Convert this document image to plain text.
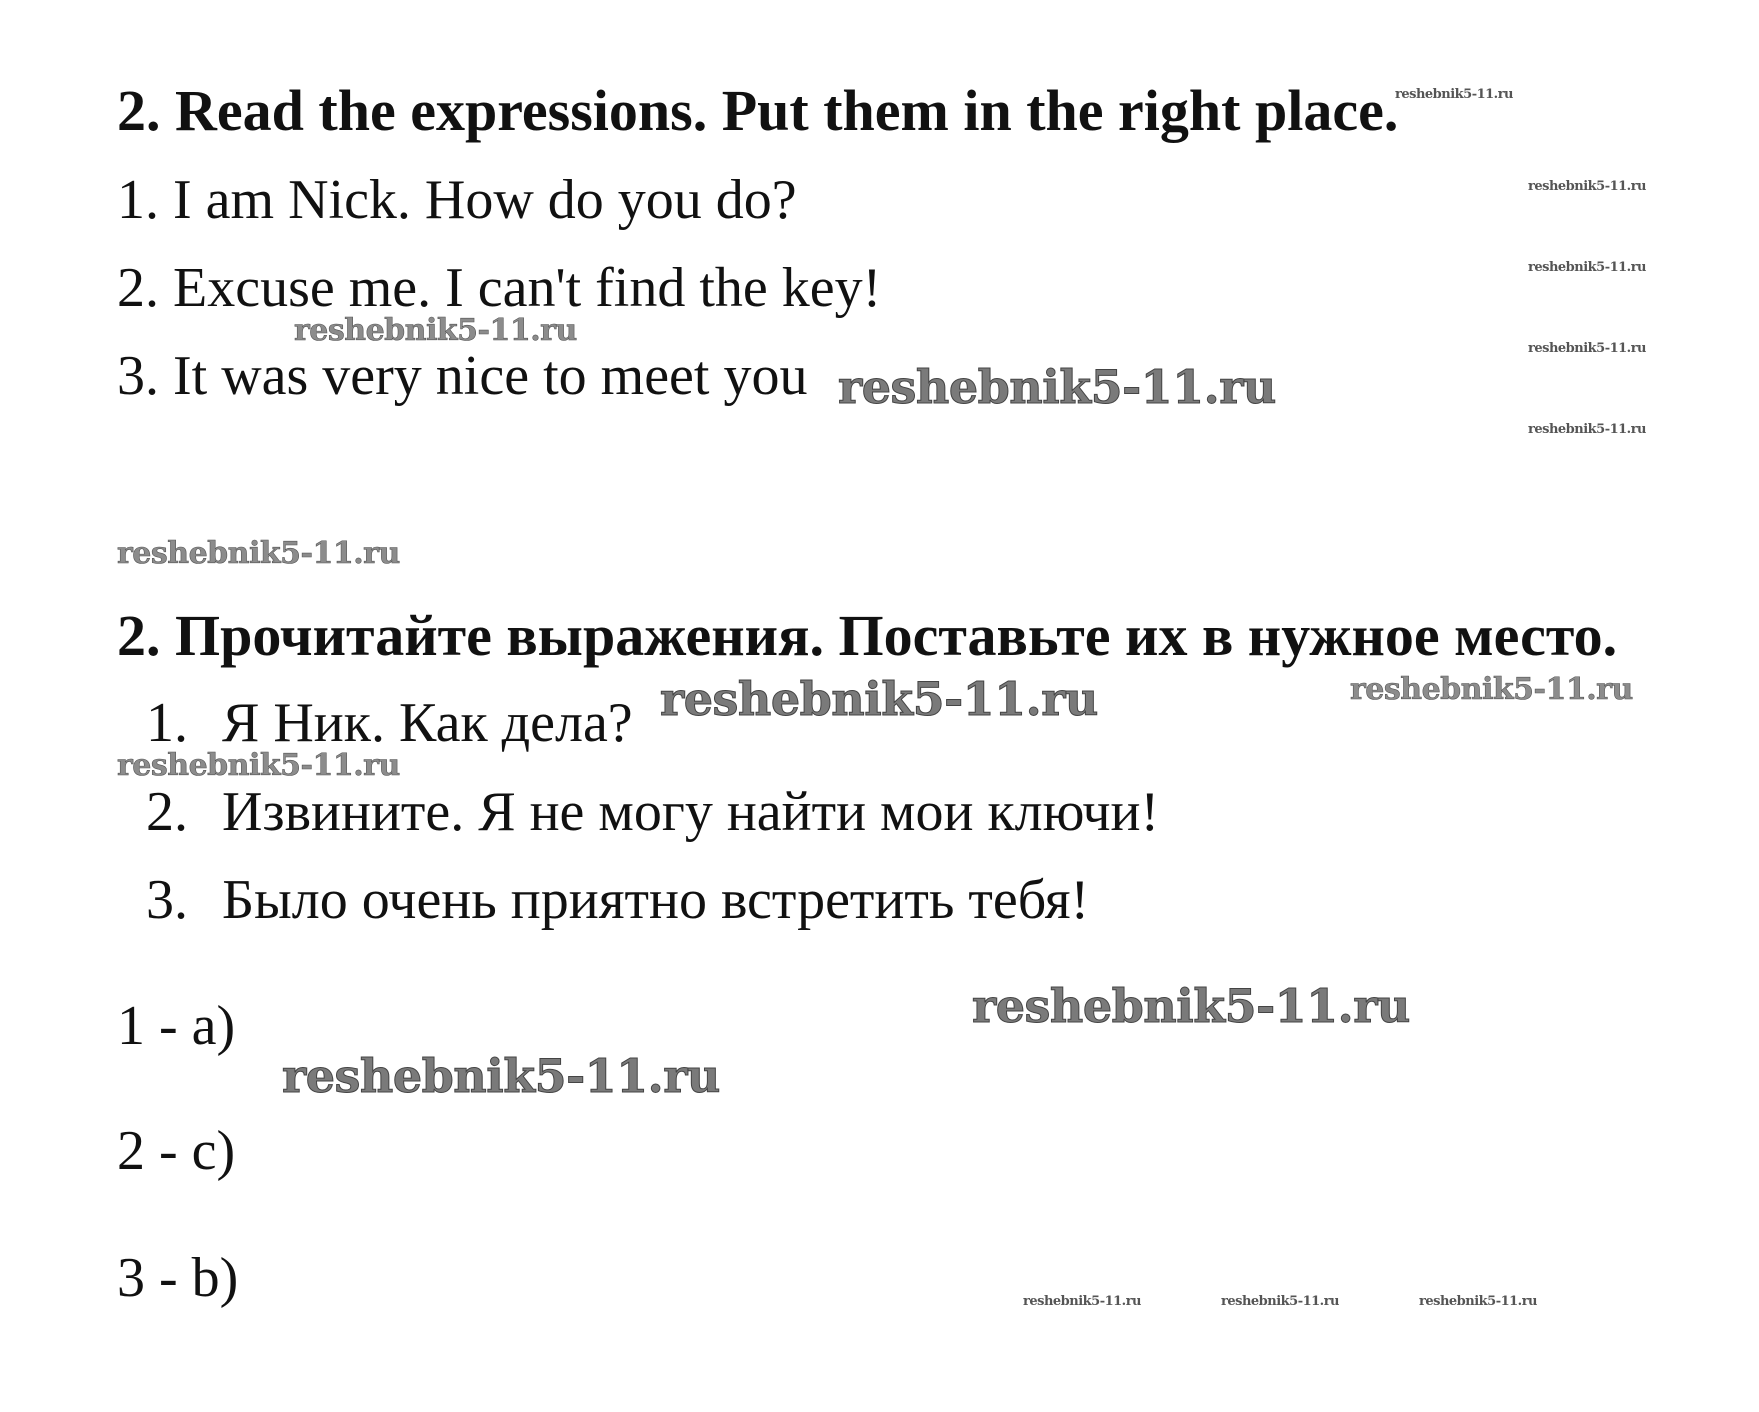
2. Read the expressions. Put them in the right place.
1. I am Nick. How do you do?
2. Excuse me. I can't find the key!
3. It was very nice to meet you
2. Прочитайте выражения. Поставьте их в нужное место.
1. Я Ник. Как дела?
2. Извините. Я не могу найти мои ключи!
3. Было очень приятно встретить тебя!
1 - a)
2 - c)
3 - b)
reshebnik5-11.ru
reshebnik5-11.ru
reshebnik5-11.ru
reshebnik5-11.ru
reshebnik5-11.ru
reshebnik5-11.ru
reshebnik5-11.ru
reshebnik5-11.ru
reshebnik5-11.ru	reshebnik5-11.ru
reshebnik5-11.ru
reshebnik5-11.ru
reshebnik5-11.ru
reshebnik5-11.ru	reshebnik5-11.ru	reshebnik5-11.ru
